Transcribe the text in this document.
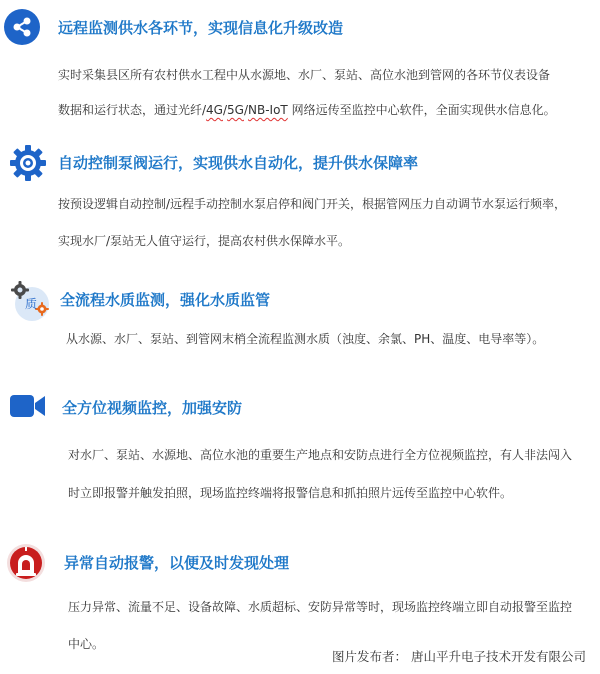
远程监测供水各环节，实现信息化升级改造
实时采集县区所有农村供水工程中从水源地、水厂、泵站、高位水池到管网的各环节仪表设备
数据和运行状态，通过光纤/4G/5G/NB-IoT 网络远传至监控中心软件，全面实现供水信息化。
自动控制泵阀运行，实现供水自动化，提升供水保障率
按预设逻辑自动控制/远程手动控制水泵启停和阀门开关，根据管网压力自动调节水泵运行频率，
实现水厂/泵站无人值守运行，提高农村供水保障水平。
质 全流程水质监测，强化水质监管
从水源、水厂、泵站、到管网末梢全流程监测水质（浊度、余氯、PH、温度、电导率等）。
全方位视频监控，加强安防
对水厂、泵站、水源地、高位水池的重要生产地点和安防点进行全方位视频监控，有人非法闯入
时立即报警并触发拍照，现场监控终端将报警信息和抓拍照片远传至监控中心软件。
异常自动报警，以便及时发现处理
压力异常、流量不足、设备故障、水质超标、安防异常等时，现场监控终端立即自动报警至监控
中心。
图片发布者： 唐山平升电子技术开发有限公司
